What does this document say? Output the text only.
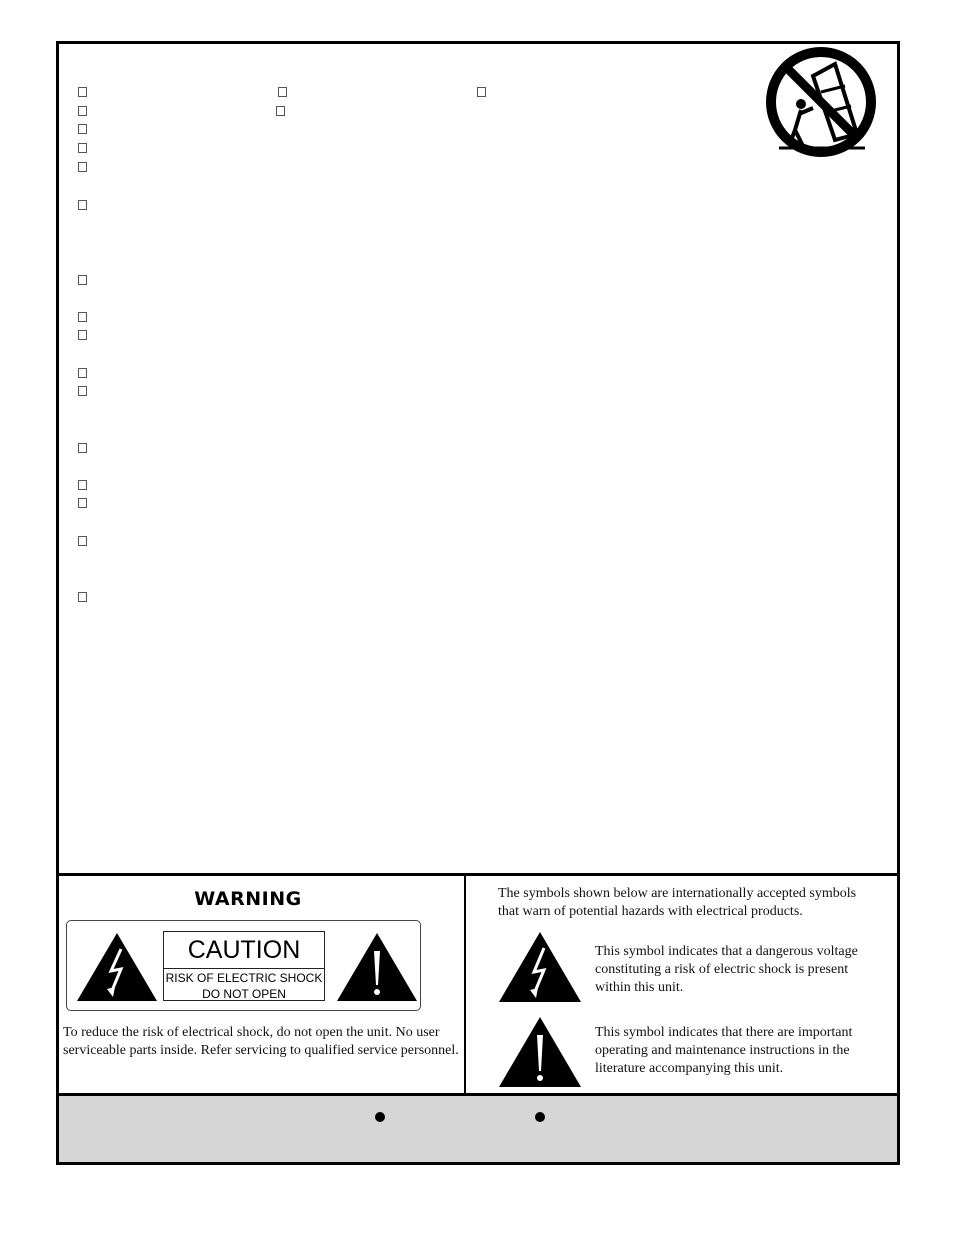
WARNING
CAUTION
RISK OF ELECTRIC SHOCK
DO NOT OPEN
To reduce the risk of electrical shock, do not open the unit. No user
serviceable parts inside. Refer servicing to qualified service personnel.
The symbols shown below are internationally accepted symbols
that warn of potential hazards with electrical products.
This symbol indicates that a dangerous voltage
constituting a risk of electric shock is present
within this unit.
This symbol indicates that there are important
operating and maintenance instructions in the
literature accompanying this unit.
